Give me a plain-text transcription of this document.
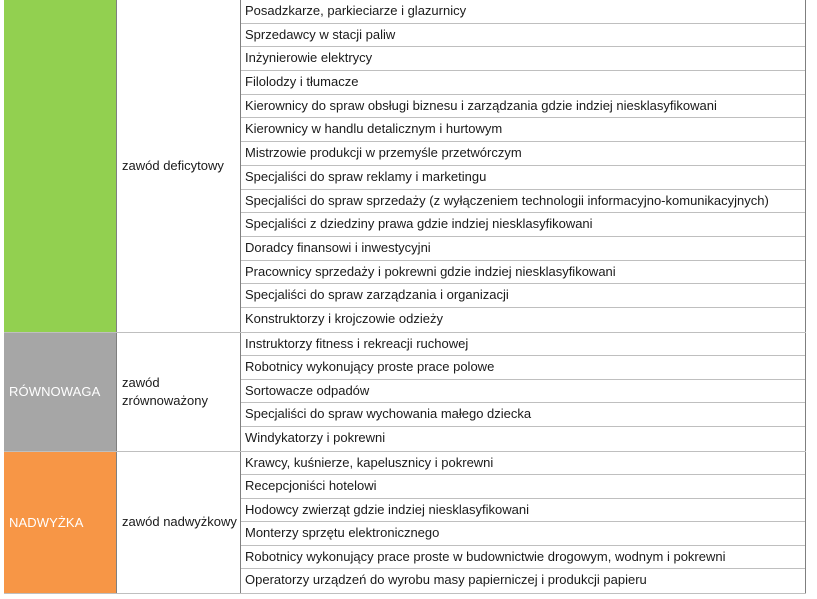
zawód deficytowy
Posadzkarze, parkieciarze i glazurnicy
Sprzedawcy w stacji paliw
Inżynierowie elektrycy
Filolodzy i tłumacze
Kierownicy do spraw obsługi biznesu i zarządzania gdzie indziej niesklasyfikowani
Kierownicy w handlu detalicznym i hurtowym
Mistrzowie produkcji w przemyśle przetwórczym
Specjaliści do spraw reklamy i marketingu
Specjaliści do spraw sprzedaży (z wyłączeniem technologii informacyjno-komunikacyjnych)
Specjaliści z dziedziny prawa gdzie indziej niesklasyfikowani
Doradcy finansowi i inwestycyjni
Pracownicy sprzedaży i pokrewni gdzie indziej niesklasyfikowani
Specjaliści do spraw zarządzania i organizacji
Konstruktorzy i krojczowie odzieży
RÓWNOWAGA
zawód zrównoważony
Instruktorzy fitness i rekreacji ruchowej
Robotnicy wykonujący proste prace polowe
Sortowacze odpadów
Specjaliści do spraw wychowania małego dziecka
Windykatorzy i pokrewni
NADWYŻKA	zawód nadwyżkowy
Krawcy, kuśnierze, kapelusznicy i pokrewni
Recepcjoniści hotelowi
Hodowcy zwierząt gdzie indziej niesklasyfikowani
Monterzy sprzętu elektronicznego
Robotnicy wykonujący prace proste w budownictwie drogowym, wodnym i pokrewni
Operatorzy urządzeń do wyrobu masy papierniczej i produkcji papieru
